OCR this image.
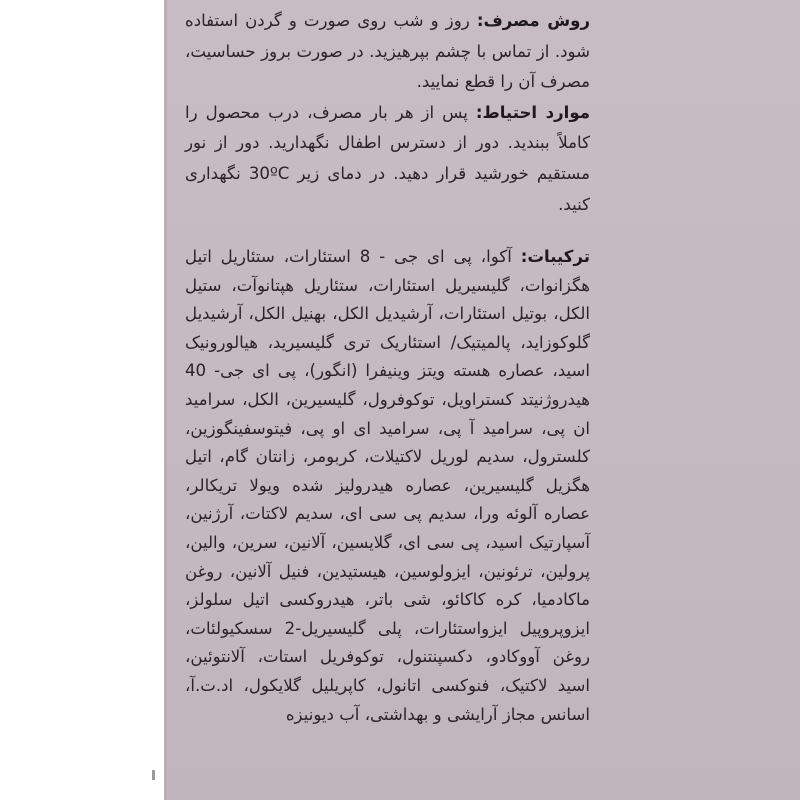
روش مصرف: روز و شب روی صورت و گردن استفاده شود. از تماس با چشم بپرهیزید. در صورت بروز حساسیت، مصرف آن را قطع نمایید.
موارد احتیاط: پس از هر بار مصرف، درب محصول را کاملاً ببندید. دور از دسترس اطفال نگهدارید. دور از نور مستقیم خورشید قرار دهید. در دمای زیر 30ºC نگهداری کنید.

ترکیبات: آکوا، پی ای جی - 8 استئارات، ستئاریل اتیل هگزانوات، گلیسیریل استئارات، ستئاریل هپتانوآت، ستیل الکل، بوتیل استئارات، آرشیدیل الکل، بهنیل الکل، آرشیدیل گلوکوزاید، پالمیتیک/ استئاریک تری گلیسیرید، هیالورونیک اسید، عصاره هسته ویتز وینیفرا (انگور)، پی ای جی- 40 هیدروژنیتد کستراویل، توکوفرول، گلیسیرین، الکل، سرامید ان پی، سرامید آ پی، سرامید ای او پی، فیتوسفینگوزین، کلسترول، سدیم لوریل لاکتیلات، کربومر، زانتان گام، اتیل هگزیل گلیسیرین، عصاره هیدرولیز شده ویولا تریکالر، عصاره آلوئه ورا، سدیم پی سی ای، سدیم لاکتات، آرژنین، آسپارتیک اسید، پی سی ای، گلایسین، آلانین، سرین، والین، پرولین، ترئونین، ایزولوسین، هیستیدین، فنیل آلانین، روغن ماکادمیا، کره کاکائو، شی باتر، هیدروکسی اتیل سلولز، ایزوپروپیل ایزواستئارات، پلی گلیسیریل-2 سسکیولئات، روغن آووکادو، دکسپنتنول، توکوفریل استات، آلانتوئین، اسید لاکتیک، فنوکسی اتانول، کاپریلیل گلایکول، اد.ت.آ، اسانس مجاز آرایشی و بهداشتی، آب دیونیزه
